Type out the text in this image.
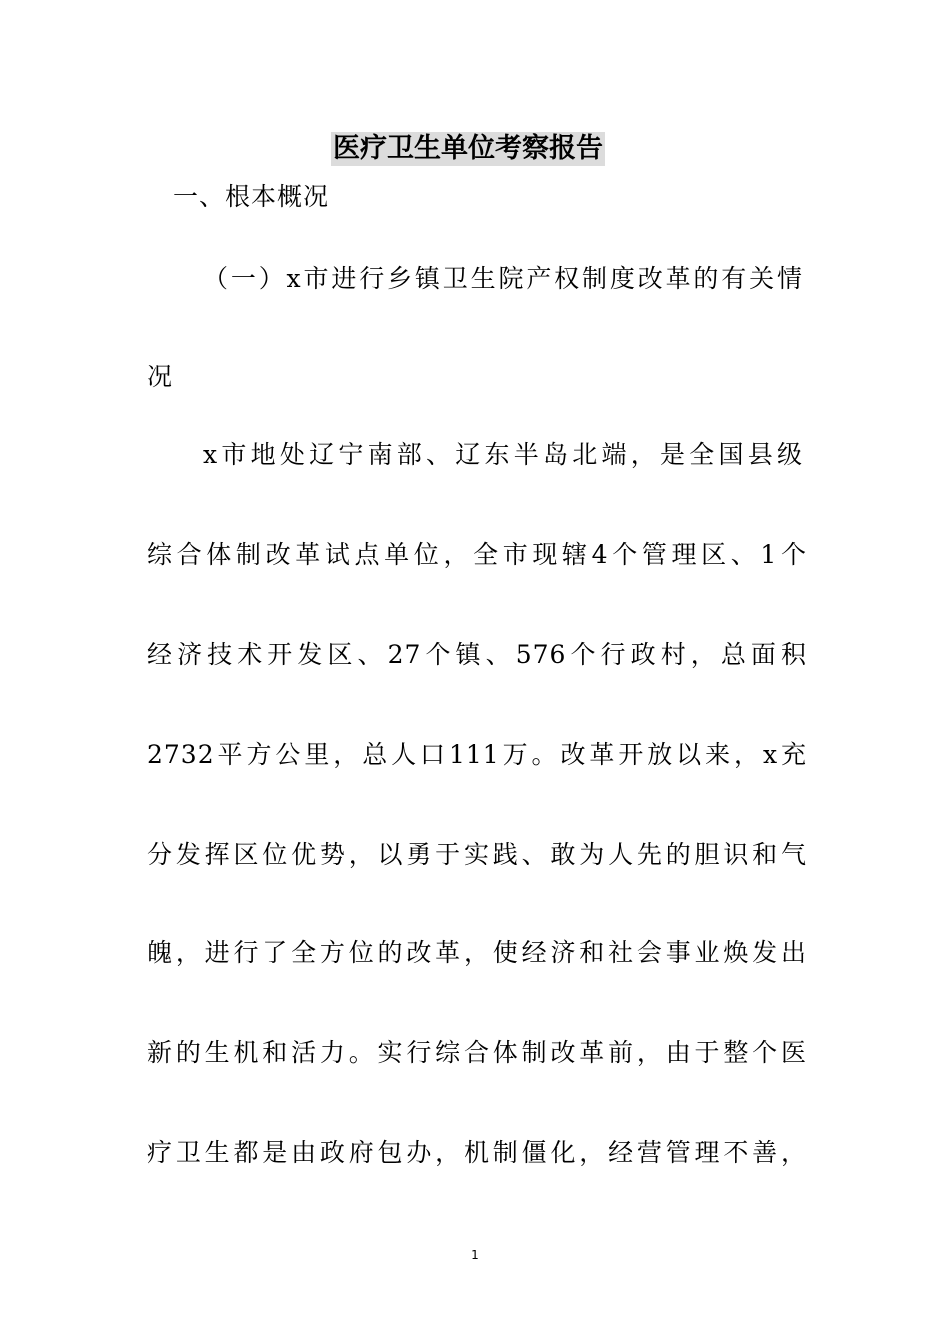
医疗卫生单位考察报告
一、根本概况
（一）x市进行乡镇卫生院产权制度改革的有关情
况
x市地处辽宁南部、辽东半岛北端，是全国县级
综合体制改革试点单位，全市现辖4个管理区、1个
经济技术开发区、27个镇、576个行政村，总面积
2732平方公里，总人口111万。改革开放以来，x充
分发挥区位优势，以勇于实践、敢为人先的胆识和气
魄，进行了全方位的改革，使经济和社会事业焕发出
新的生机和活力。实行综合体制改革前，由于整个医
疗卫生都是由政府包办，机制僵化，经营管理不善，
1
